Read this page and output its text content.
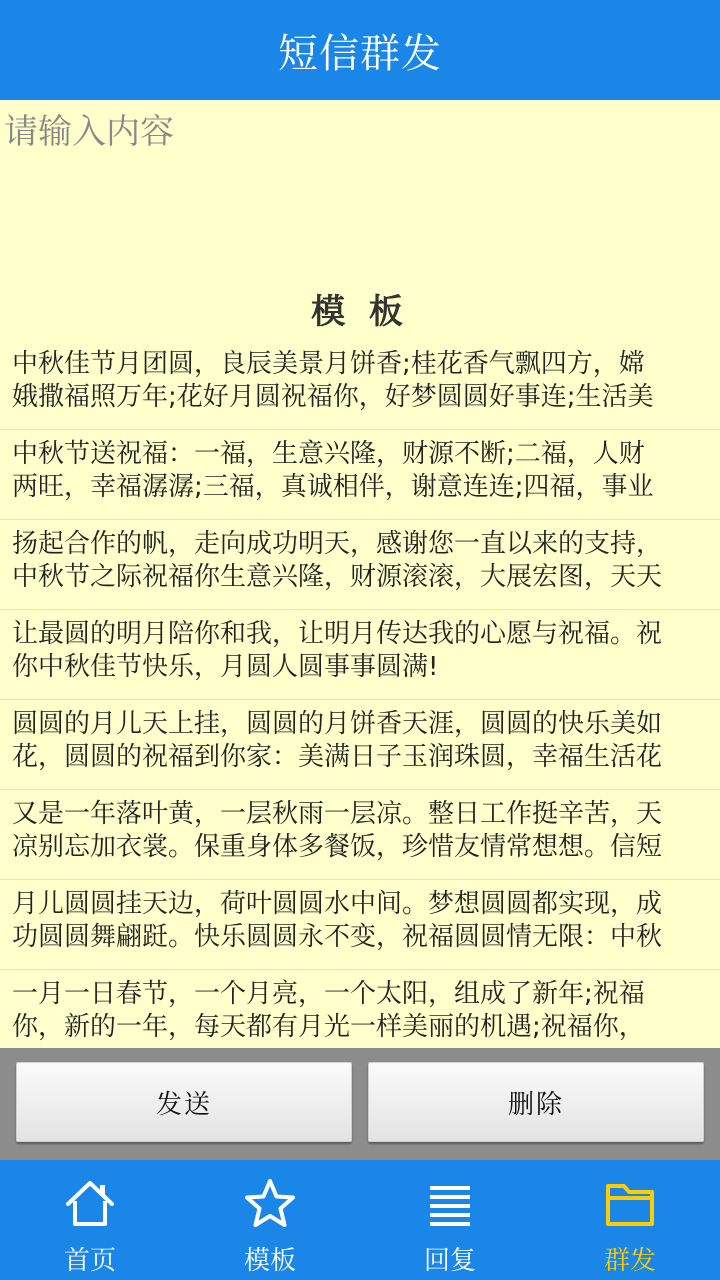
短信群发
请输入内容
模 板
中秋佳节月团圆，良辰美景月饼香;桂花香气飘四方，嫦
娥撒福照万年;花好月圆祝福你，好梦圆圆好事连;生活美
中秋节送祝福：一福，生意兴隆，财源不断;二福，人财
两旺，幸福潺潺;三福，真诚相伴，谢意连连;四福，事业
扬起合作的帆，走向成功明天，感谢您一直以来的支持，
中秋节之际祝福你生意兴隆，财源滚滚，大展宏图，天天
让最圆的明月陪你和我，让明月传达我的心愿与祝福。祝
你中秋佳节快乐，月圆人圆事事圆满!
圆圆的月儿天上挂，圆圆的月饼香天涯，圆圆的快乐美如
花，圆圆的祝福到你家：美满日子玉润珠圆，幸福生活花
又是一年落叶黄，一层秋雨一层凉。整日工作挺辛苦，天
凉别忘加衣裳。保重身体多餐饭，珍惜友情常想想。信短
月儿圆圆挂天边，荷叶圆圆水中间。梦想圆圆都实现，成
功圆圆舞翩跹。快乐圆圆永不变，祝福圆圆情无限：中秋
一月一日春节，一个月亮，一个太阳，组成了新年;祝福
你，新的一年，每天都有月光一样美丽的机遇;祝福你，
发送	删除
首页	模板	回复	群发
